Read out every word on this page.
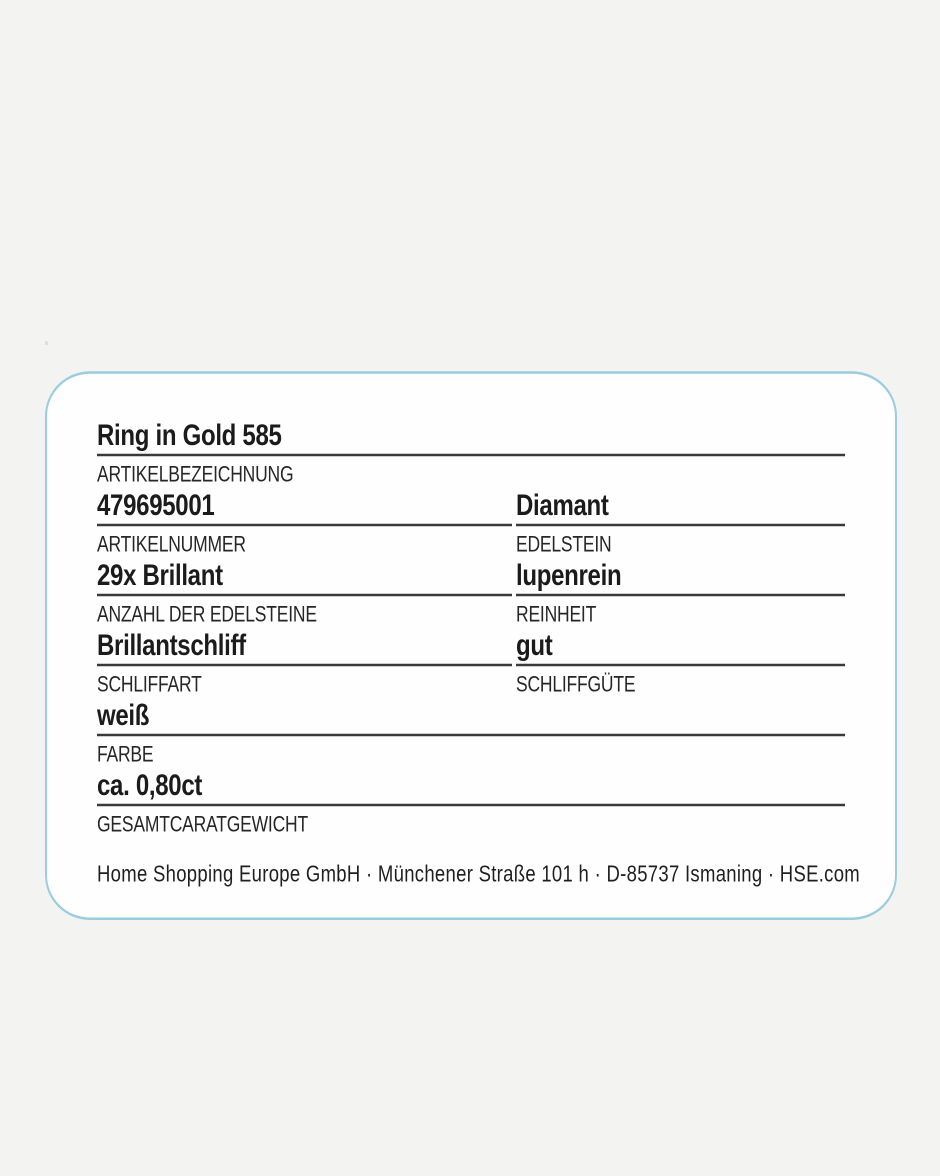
Ring in Gold 585
ARTIKELBEZEICHNUNG
479695001
ARTIKELNUMMER
Diamant
EDELSTEIN
29x Brillant
ANZAHL DER EDELSTEINE
lupenrein
REINHEIT
Brillantschliff
SCHLIFFART
gut
SCHLIFFGÜTE
weiß
FARBE
ca. 0,80ct
GESAMTCARATGEWICHT
Home Shopping Europe GmbH · Münchener Straße 101 h · D-85737 Ismaning · HSE.com
